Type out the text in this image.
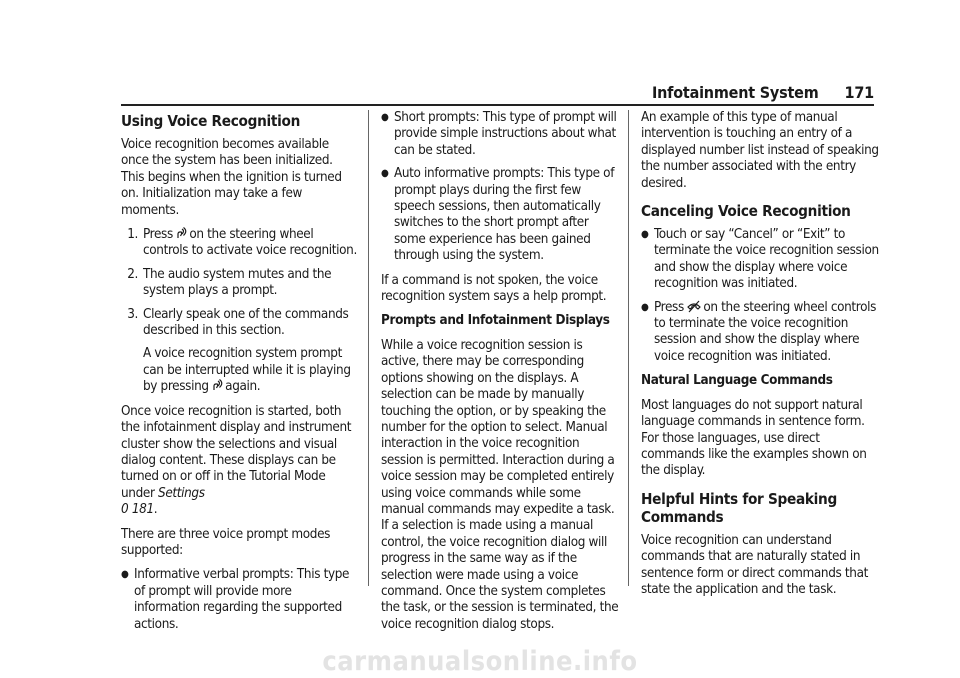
Infotainment System 171
Using Voice Recognition

Voice recognition becomes available once the system has been initialized. This begins when the ignition is turned on. Initialization may take a few moments.

1. Press on the steering wheel controls to activate voice recognition.
2. The audio system mutes and the system plays a prompt.
3. Clearly speak one of the commands described in this section.
A voice recognition system prompt can be interrupted while it is playing by pressing again.

Once voice recognition is started, both the infotainment display and instrument cluster show the selections and visual dialog content. These displays can be turned on or off in the Tutorial Mode under Settings
0 181.

There are three voice prompt modes supported:

● Informative verbal prompts: This type of prompt will provide more information regarding the supported actions.
● Short prompts: This type of prompt will provide simple instructions about what can be stated.
● Auto informative prompts: This type of prompt plays during the first few speech sessions, then automatically switches to the short prompt after some experience has been gained through using the system.

If a command is not spoken, the voice recognition system says a help prompt.

Prompts and Infotainment Displays

While a voice recognition session is active, there may be corresponding options showing on the displays. A selection can be made by manually touching the option, or by speaking the number for the option to select. Manual interaction in the voice recognition session is permitted. Interaction during a voice session may be completed entirely using voice commands while some manual commands may expedite a task. If a selection is made using a manual control, the voice recognition dialog will progress in the same way as if the selection were made using a voice command. Once the system completes the task, or the session is terminated, the voice recognition dialog stops.

An example of this type of manual intervention is touching an entry of a displayed number list instead of speaking the number associated with the entry desired.

Canceling Voice Recognition
● Touch or say “Cancel” or “Exit” to terminate the voice recognition session and show the display where voice recognition was initiated.
● Press on the steering wheel controls to terminate the voice recognition session and show the display where voice recognition was initiated.
Natural Language Commands

Most languages do not support natural language commands in sentence form. For those languages, use direct commands like the examples shown on the display.

Helpful Hints for Speaking Commands

Voice recognition can understand commands that are naturally stated in sentence form or direct commands that state the application and the task.

carmanualsonline.info
